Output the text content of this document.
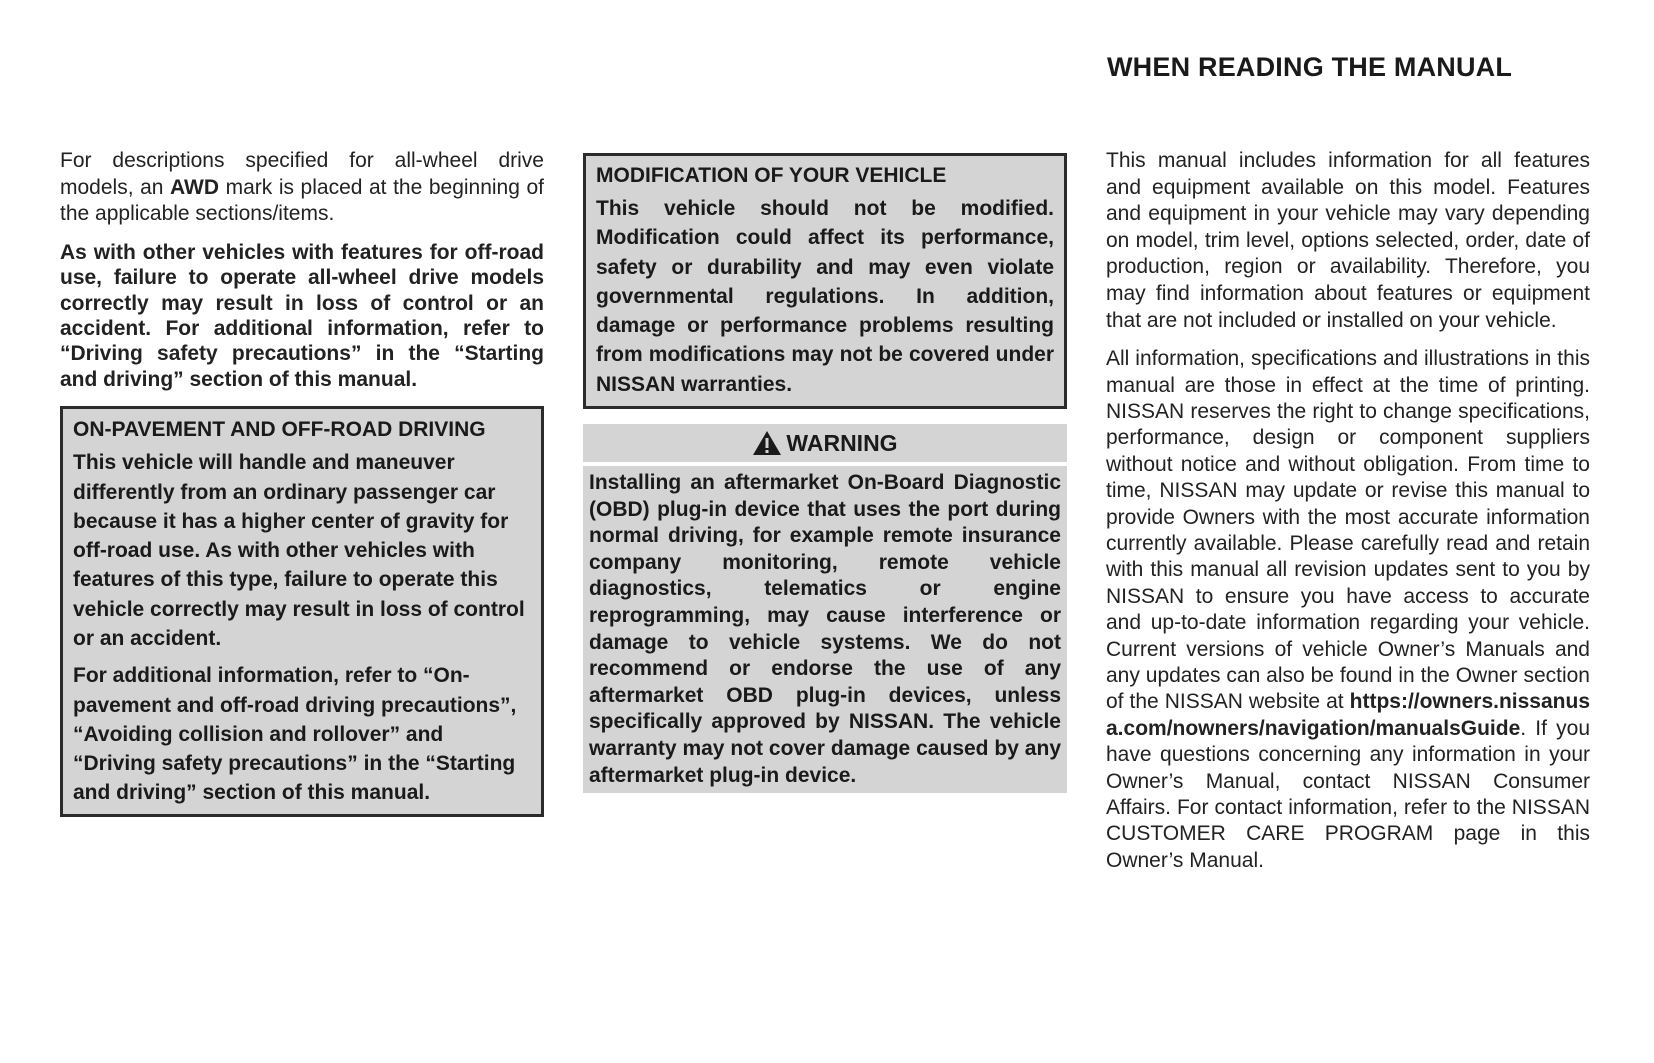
WHEN READING THE MANUAL

For descriptions specified for all-wheel drive models, an AWD mark is placed at the beginning of the applicable sections/items.

As with other vehicles with features for off-road use, failure to operate all-wheel drive models correctly may result in loss of control or an accident. For additional information, refer to “Driving safety precautions” in the “Starting and driving” section of this manual.

ON-PAVEMENT AND OFF-ROAD DRIVING

This vehicle will handle and maneuver differently from an ordinary passenger car because it has a higher center of gravity for off-road use. As with other vehicles with features of this type, failure to operate this vehicle correctly may result in loss of control or an accident.

For additional information, refer to “On-pavement and off-road driving precautions”, “Avoiding collision and rollover” and “Driving safety precautions” in the “Starting and driving” section of this manual.

MODIFICATION OF YOUR VEHICLE

This vehicle should not be modified. Modification could affect its performance, safety or durability and may even violate governmental regulations. In addition, damage or performance problems resulting from modifications may not be covered under NISSAN warranties.

WARNING
Installing an aftermarket On-Board Diagnostic (OBD) plug-in device that uses the port during normal driving, for example remote insurance company monitoring, remote vehicle diagnostics, telematics or engine reprogramming, may cause interference or damage to vehicle systems. We do not recommend or endorse the use of any aftermarket OBD plug-in devices, unless specifically approved by NISSAN. The vehicle warranty may not cover damage caused by any aftermarket plug-in device.

This manual includes information for all features and equipment available on this model. Features and equipment in your vehicle may vary depending on model, trim level, options selected, order, date of production, region or availability. Therefore, you may find information about features or equipment that are not included or installed on your vehicle.

All information, specifications and illustrations in this manual are those in effect at the time of printing. NISSAN reserves the right to change specifications, performance, design or component suppliers without notice and without obligation. From time to time, NISSAN may update or revise this manual to provide Owners with the most accurate information currently available. Please carefully read and retain with this manual all revision updates sent to you by NISSAN to ensure you have access to accurate and up-to-date information regarding your vehicle. Current versions of vehicle Owner’s Manuals and any updates can also be found in the Owner section of the NISSAN website at https://owners.nissanusa.com/nowners/navigation/manualsGuide. If you have questions concerning any information in your Owner’s Manual, contact NISSAN Consumer Affairs. For contact information, refer to the NISSAN CUSTOMER CARE PROGRAM page in this Owner’s Manual.
